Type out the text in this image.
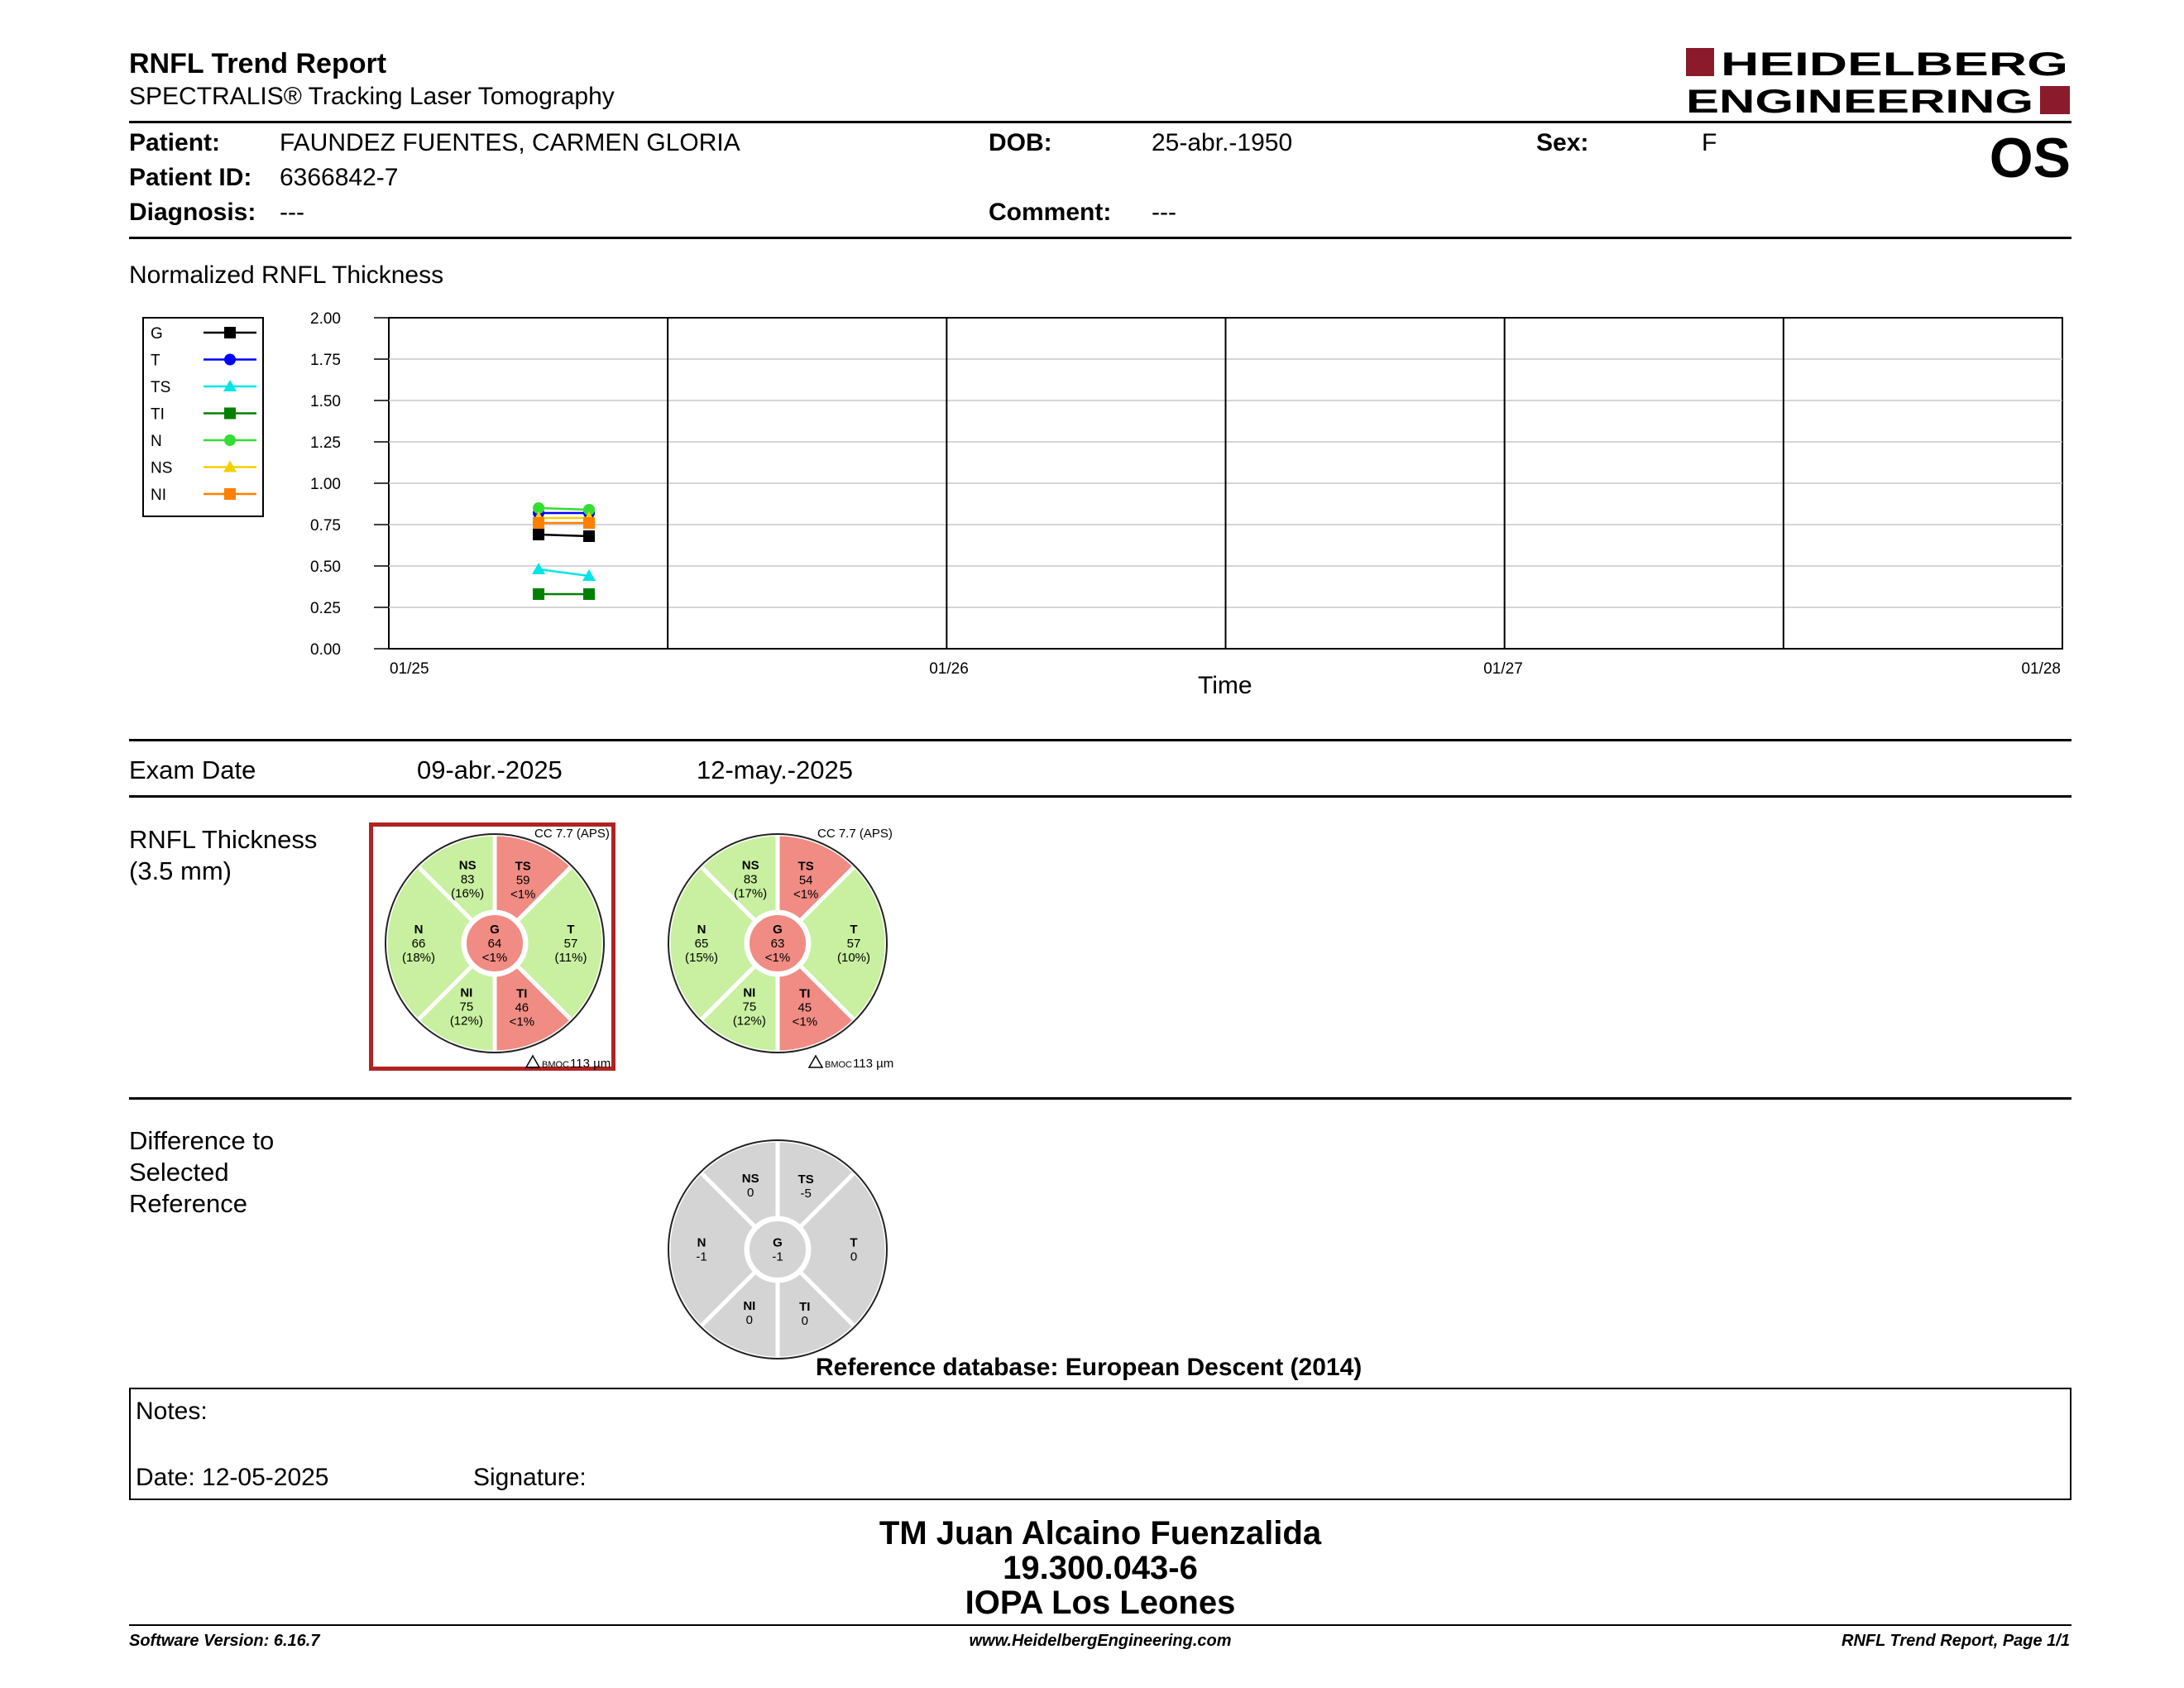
RNFL Trend Report
SPECTRALIS® Tracking Laser Tomography
HEIDELBERG
ENGINEERING
Patient: FAUNDEZ FUENTES, CARMEN GLORIA	DOB:	25-abr.-1950	Sex:	F	OS
Patient ID: 6366842-7
Diagnosis: ---	Comment: ---
Normalized RNFL Thickness
G
T
TS
TI
N
NS
NI
0.00
0.25
0.50
0.75
1.00
1.25
1.50
1.75
2.00
01/25	01/26	01/27	01/28
Time
Exam Date	09-abr.-2025	12-may.-2025
RNFL Thickness
(3.5 mm)
T
57
(11%)
TS
59
<1%
NS
83
(16%)
N
66
(18%)
NI
75
(12%)
TI
46
<1%
G
64
<1%
CC 7.7 (APS)
BMOC 113 µm
T
57
(10%)
TS
54
<1%
NS
83
(17%)
N
65
(15%)
NI
75
(12%)
TI
45
<1%
G
63
<1%
CC 7.7 (APS)
BMOC 113 µm
Difference to
Selected
Reference
T
0
TS
-5
NS
0
N
-1
NI
0
TI
0
G
-1
Reference database: European Descent (2014)
Notes:
Date: 12-05-2025	Signature:
TM Juan Alcaino Fuenzalida
19.300.043-6
IOPA Los Leones
Software Version: 6.16.7	www.HeidelbergEngineering.com	RNFL Trend Report, Page 1/1
